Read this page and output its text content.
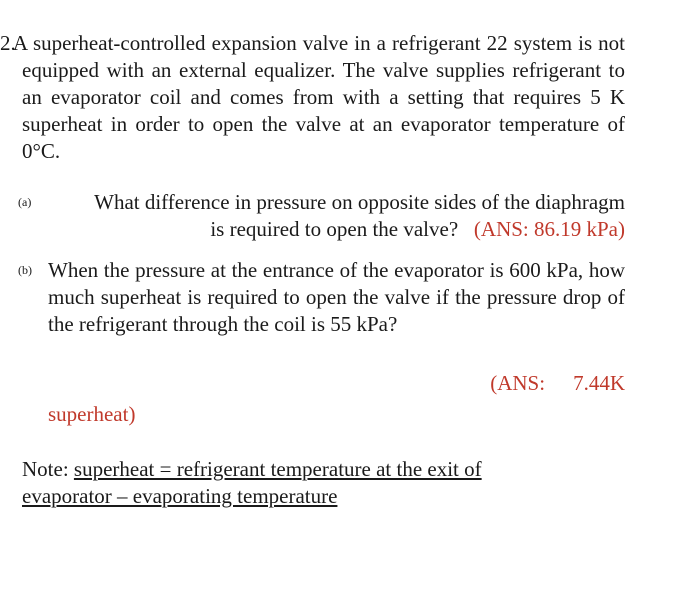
2. A superheat-controlled expansion valve in a refrigerant 22 system is not equipped with an external equalizer. The valve supplies refrigerant to an evaporator coil and comes from with a setting that requires 5 K superheat in order to open the valve at an evaporator temperature of 0°C.
(a)	What difference in pressure on opposite sides of the diaphragm
is required to open the valve? (ANS: 86.19 kPa)
(b) When the pressure at the entrance of the evaporator is 600 kPa, how much superheat is required to open the valve if the pressure drop of the refrigerant through the coil is 55 kPa?
(ANS: 7.44K
superheat)
Note: superheat = refrigerant temperature at the exit of evaporator – evaporating temperature
